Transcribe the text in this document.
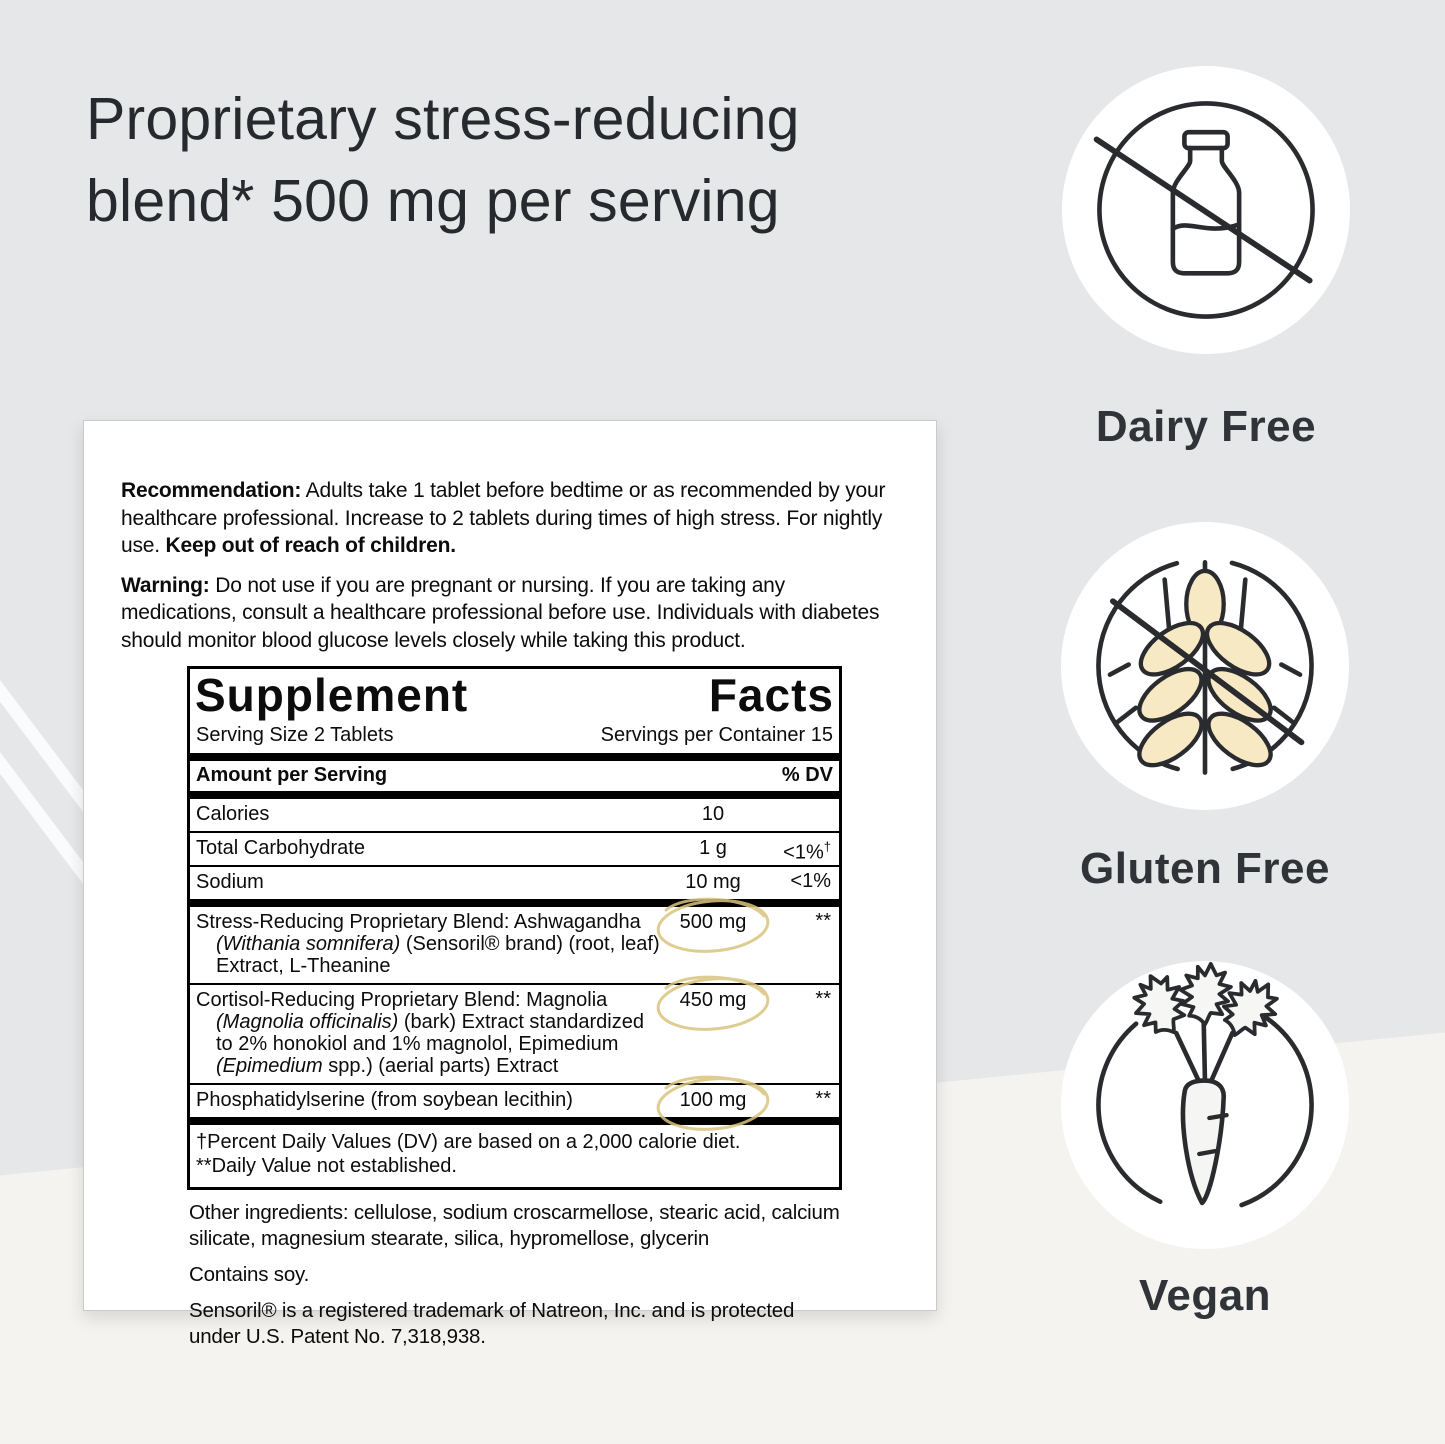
Proprietary stress-reducing
blend* 500 mg per serving

Recommendation: Adults take 1 tablet before bedtime or as recommended by your healthcare professional. Increase to 2 tablets during times of high stress. For nightly use. Keep out of reach of children.

Warning: Do not use if you are pregnant or nursing. If you are taking any medications, consult a healthcare professional before use. Individuals with diabetes should monitor blood glucose levels closely while taking this product.

Supplement Facts
Serving Size 2 Tablets	Servings per Container 15
Amount per Serving	% DV
Calories	10
Total Carbohydrate	1 g	<1%†
Sodium	10 mg	<1%
Stress-Reducing Proprietary Blend: Ashwagandha
(Withania somnifera) (Sensoril® brand) (root, leaf)
Extract, L-Theanine
500 mg	**
Cortisol-Reducing Proprietary Blend: Magnolia
(Magnolia officinalis) (bark) Extract standardized
to 2% honokiol and 1% magnolol, Epimedium
(Epimedium spp.) (aerial parts) Extract
450 mg	**
Phosphatidylserine (from soybean lecithin)	100 mg	**
†Percent Daily Values (DV) are based on a 2,000 calorie diet.
**Daily Value not established.

Other ingredients: cellulose, sodium croscarmellose, stearic acid, calcium silicate, magnesium stearate, silica, hypromellose, glycerin

Contains soy.

Sensoril® is a registered trademark of Natreon, Inc. and is protected under U.S. Patent No. 7,318,938.

Dairy Free
Gluten Free
Vegan
